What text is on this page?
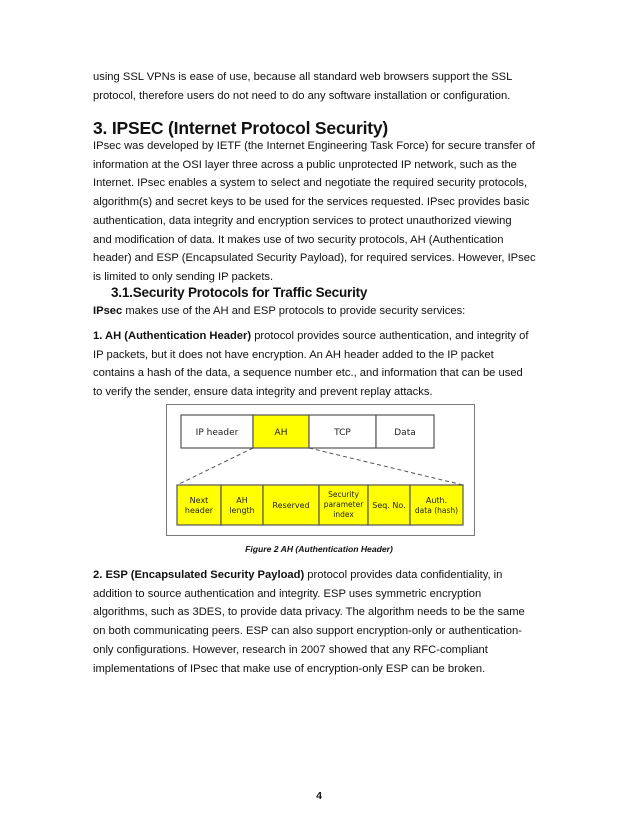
using SSL VPNs is ease of use, because all standard web browsers support the SSL
protocol, therefore users do not need to do any software installation or configuration.

3. IPSEC (Internet Protocol Security)

IPsec was developed by IETF (the Internet Engineering Task Force) for secure transfer of
information at the OSI layer three across a public unprotected IP network, such as the
Internet. IPsec enables a system to select and negotiate the required security protocols,
algorithm(s) and secret keys to be used for the services requested. IPsec provides basic
authentication, data integrity and encryption services to protect unauthorized viewing
and modification of data. It makes use of two security protocols, AH (Authentication
header) and ESP (Encapsulated Security Payload), for required services. However, IPsec
is limited to only sending IP packets.

3.1.Security Protocols for Traffic Security

IPsec makes use of the AH and ESP protocols to provide security services:

1. AH (Authentication Header) protocol provides source authentication, and integrity of
IP packets, but it does not have encryption. An AH header added to the IP packet
contains a hash of the data, a sequence number etc., and information that can be used
to verify the sender, ensure data integrity and prevent replay attacks.

IP header	AH	TCP	Data
Next
header
AH
length
Reserved
Security
parameter
index
Seq. No.
Auth.
data (hash)
Figure 2 AH (Authentication Header)

2. ESP (Encapsulated Security Payload) protocol provides data confidentiality, in
addition to source authentication and integrity. ESP uses symmetric encryption
algorithms, such as 3DES, to provide data privacy. The algorithm needs to be the same
on both communicating peers. ESP can also support encryption-only or authentication-
only configurations. However, research in 2007 showed that any RFC-compliant
implementations of IPsec that make use of encryption-only ESP can be broken.

4
